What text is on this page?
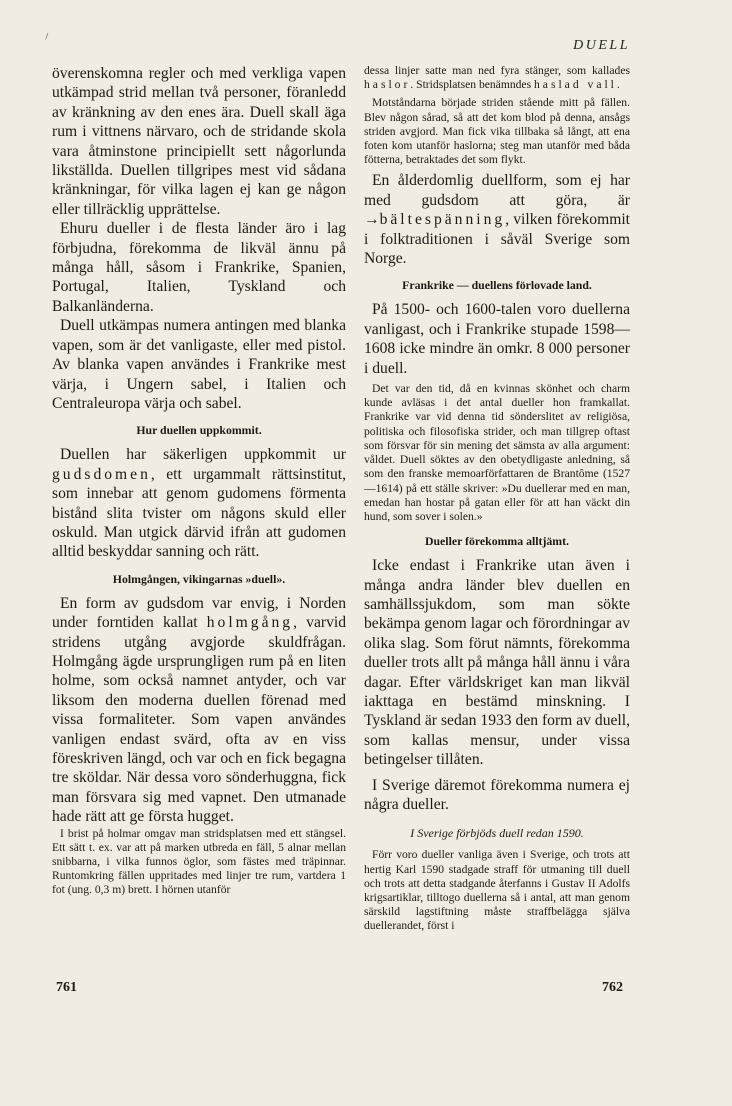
⸝
DUELL

överenskomna regler och med verkliga vapen utkämpad strid mellan två personer, föranledd av kränkning av den enes ära. Duell skall äga rum i vittnens närvaro, och de stridande skola vara åtminstone principiellt sett någorlunda likställda. Duellen tillgripes mest vid sådana kränkningar, för vilka lagen ej kan ge någon eller tillräcklig upprättelse.

Ehuru dueller i de flesta länder äro i lag förbjudna, förekomma de likväl ännu på många håll, såsom i Frankrike, Spanien, Portugal, Italien, Tyskland och Balkanländerna.

Duell utkämpas numera antingen med blanka vapen, som är det vanligaste, eller med pistol. Av blanka vapen användes i Frankrike mest värja, i Ungern sabel, i Italien och Centraleuropa värja och sabel.

Hur duellen uppkommit.

Duellen har säkerligen uppkommit ur gudsdomen, ett urgammalt rättsinstitut, som innebar att genom gudomens förmenta bistånd slita tvister om någons skuld eller oskuld. Man utgick därvid ifrån att gudomen alltid beskyddar sanning och rätt.

Holmgången, vikingarnas »duell».

En form av gudsdom var envig, i Norden under forntiden kallat holmgång, varvid stridens utgång avgjorde skuldfrågan. Holmgång ägde ursprungligen rum på en liten holme, som också namnet antyder, och var liksom den moderna duellen förenad med vissa formaliteter. Som vapen användes vanligen endast svärd, ofta av en viss föreskriven längd, och var och en fick begagna tre sköldar. När dessa voro sönderhuggna, fick man försvara sig med vapnet. Den utmanade hade rätt att ge första hugget.

I brist på holmar omgav man stridsplatsen med ett stängsel. Ett sätt t. ex. var att på marken utbreda en fäll, 5 alnar mellan snibbarna, i vilka funnos öglor, som fästes med träpinnar. Runtomkring fällen uppritades med linjer tre rum, vartdera 1 fot (ung. 0,3 m) brett. I hörnen utanför

dessa linjer satte man ned fyra stänger, som kallades haslor. Stridsplatsen benämndes haslad vall.

Motståndarna började striden stående mitt på fällen. Blev någon sårad, så att det kom blod på denna, ansågs striden avgjord. Man fick vika tillbaka så långt, att ena foten kom utanför haslorna; steg man utanför med båda fötterna, betraktades det som flykt.

En ålderdomlig duellform, som ej har med gudsdom att göra, är →bältespänning, vilken förekommit i folktraditionen i såväl Sverige som Norge.

Frankrike — duellens förlovade land.

På 1500- och 1600-talen voro duellerna vanligast, och i Frankrike stupade 1598—1608 icke mindre än omkr. 8 000 personer i duell.

Det var den tid, då en kvinnas skönhet och charm kunde avläsas i det antal dueller hon framkallat. Frankrike var vid denna tid sönderslitet av religiösa, politiska och filosofiska strider, och man tillgrep oftast som försvar för sin mening det sämsta av alla argument: våldet. Duell söktes av den obetydligaste anledning, så som den franske memoarförfattaren de Brantôme (1527 —1614) på ett ställe skriver: »Du duellerar med en man, emedan han hostar på gatan eller för att han väckt din hund, som sover i solen.»

Dueller förekomma alltjämt.

Icke endast i Frankrike utan även i många andra länder blev duellen en samhällssjukdom, som man sökte bekämpa genom lagar och förordningar av olika slag. Som förut nämnts, förekomma dueller trots allt på många håll ännu i våra dagar. Efter världskriget kan man likväl iakttaga en bestämd minskning. I Tyskland är sedan 1933 den form av duell, som kallas mensur, under vissa betingelser tillåten.

I Sverige däremot förekomma numera ej några dueller.

I Sverige förbjöds duell redan 1590.

Förr voro dueller vanliga även i Sverige, och trots att hertig Karl 1590 stadgade straff för utmaning till duell och trots att detta stadgande återfanns i Gustav II Adolfs krigsartiklar, tilltogo duellerna så i antal, att man genom särskild lagstiftning måste straffbelägga själva duellerandet, först i

761	762
